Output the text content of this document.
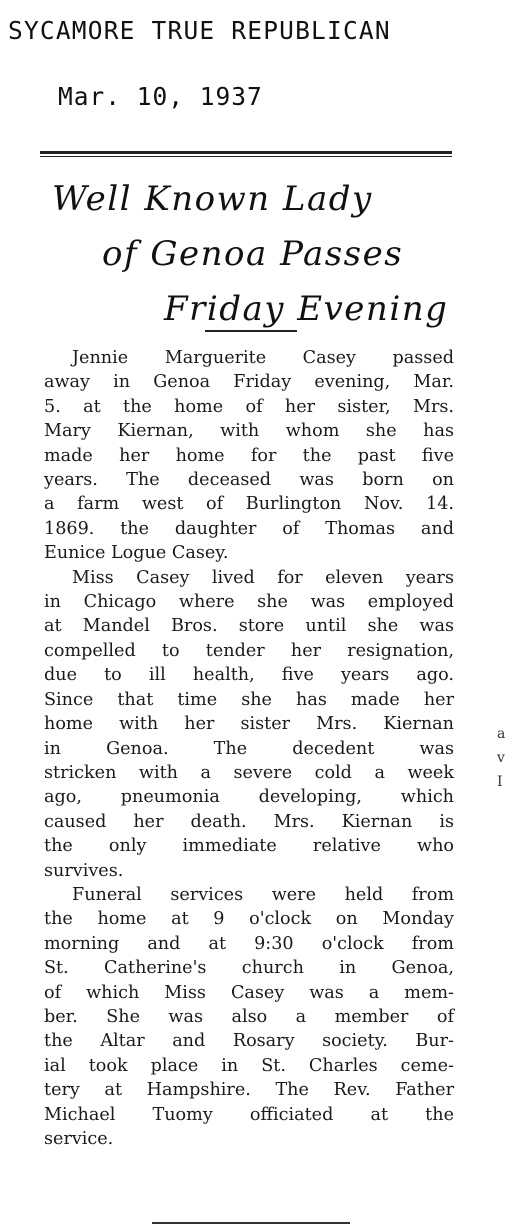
SYCAMORE TRUE REPUBLICAN
Mar. 10, 1937
Well Known Lady
of Genoa Passes
Friday Evening
Jennie Marguerite Casey passed
away in Genoa Friday evening, Mar.
5. at the home of her sister, Mrs.
Mary Kiernan, with whom she has
made her home for the past five
years. The deceased was born on
a farm west of Burlington Nov. 14.
1869. the daughter of Thomas and
Eunice Logue Casey.
Miss Casey lived for eleven years
in Chicago where she was employed
at Mandel Bros. store until she was
compelled to tender her resignation,
due to ill health, five years ago.
Since that time she has made her
home with her sister Mrs. Kiernan
in Genoa. The decedent was
stricken with a severe cold a week
ago, pneumonia developing, which
caused her death. Mrs. Kiernan is
the only immediate relative who
survives.
Funeral services were held from
the home at 9 o'clock on Monday
morning and at 9:30 o'clock from
St. Catherine's church in Genoa,
of which Miss Casey was a mem-
ber. She was also a member of
the Altar and Rosary society. Bur-
ial took place in St. Charles ceme-
tery at Hampshire. The Rev. Father
Michael Tuomy officiated at the
service.
a
v
I
